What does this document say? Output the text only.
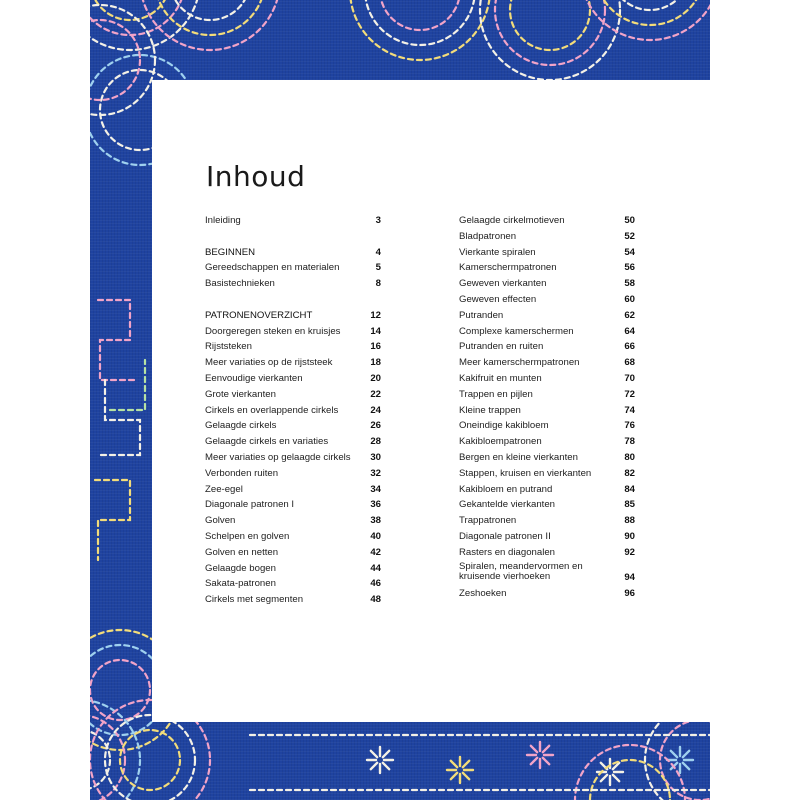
Inhoud
Inleiding	3
BEGINNEN	4
Gereedschappen en materialen	5
Basistechnieken	8
PATRONENOVERZICHT	12
Doorgeregen steken en kruisjes	14
Rijststeken	16
Meer variaties op de rijststeek	18
Eenvoudige vierkanten	20
Grote vierkanten	22
Cirkels en overlappende cirkels	24
Gelaagde cirkels	26
Gelaagde cirkels en variaties	28
Meer variaties op gelaagde cirkels	30
Verbonden ruiten	32
Zee-egel	34
Diagonale patronen I	36
Golven	38
Schelpen en golven	40
Golven en netten	42
Gelaagde bogen	44
Sakata-patronen	46
Cirkels met segmenten	48
Gelaagde cirkelmotieven	50
Bladpatronen	52
Vierkante spiralen	54
Kamerschermpatronen	56
Geweven vierkanten	58
Geweven effecten	60
Putranden	62
Complexe kamerschermen	64
Putranden en ruiten	66
Meer kamerschermpatronen	68
Kakifruit en munten	70
Trappen en pijlen	72
Kleine trappen	74
Oneindige kakibloem	76
Kakibloempatronen	78
Bergen en kleine vierkanten	80
Stappen, kruisen en vierkanten	82
Kakibloem en putrand	84
Gekantelde vierkanten	85
Trappatronen	88
Diagonale patronen II	90
Rasters en diagonalen	92
Spiralen, meandervormen en kruisende vierhoeken	94
Zeshoeken	96
